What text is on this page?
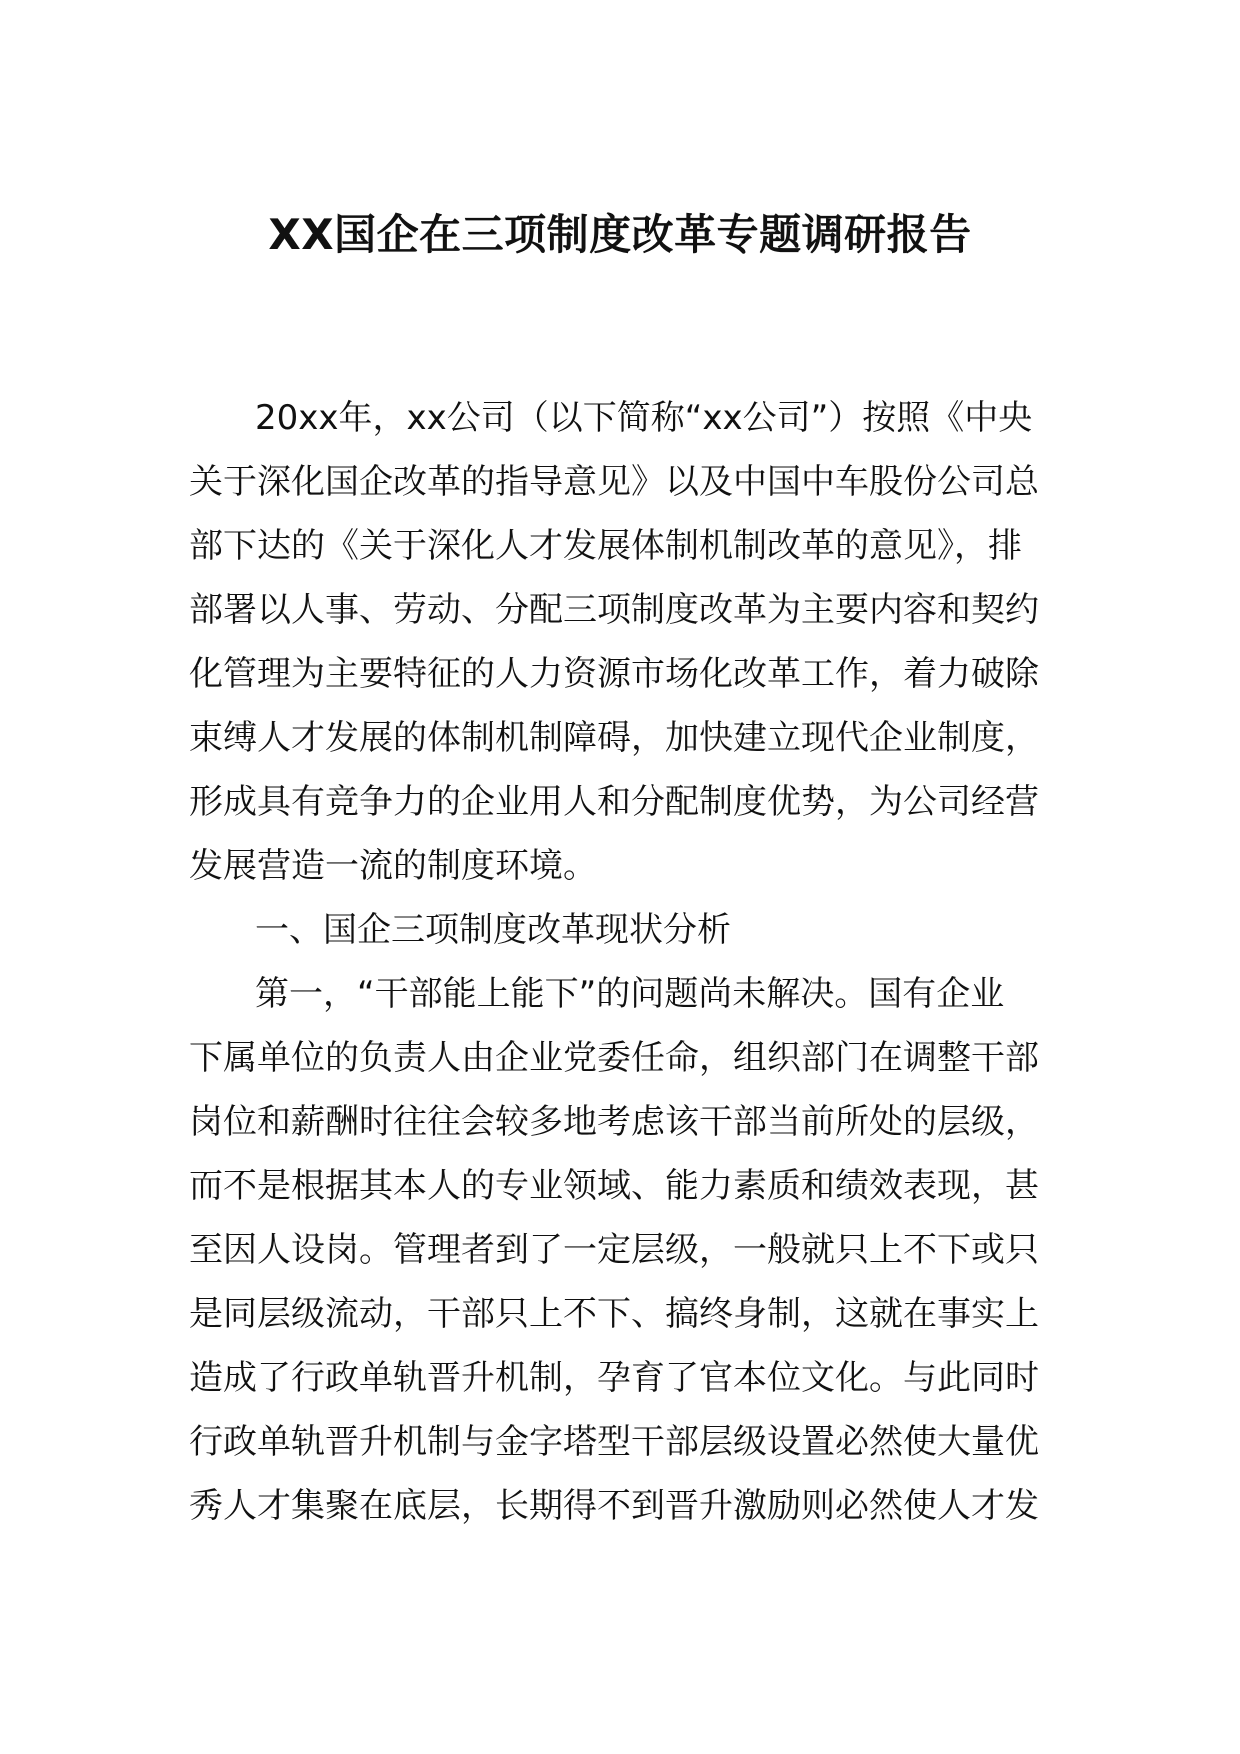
XX国企在三项制度改革专题调研报告
20xx年，xx公司（以下简称“xx公司”）按照《中央
关于深化国企改革的指导意见》以及中国中车股份公司总
部下达的《关于深化人才发展体制机制改革的意见》，排
部署以人事、劳动、分配三项制度改革为主要内容和契约
化管理为主要特征的人力资源市场化改革工作，着力破除
束缚人才发展的体制机制障碍，加快建立现代企业制度，
形成具有竞争力的企业用人和分配制度优势，为公司经营
发展营造一流的制度环境。
一、国企三项制度改革现状分析
第一，“干部能上能下”的问题尚未解决。国有企业
下属单位的负责人由企业党委任命，组织部门在调整干部
岗位和薪酬时往往会较多地考虑该干部当前所处的层级，
而不是根据其本人的专业领域、能力素质和绩效表现，甚
至因人设岗。管理者到了一定层级，一般就只上不下或只
是同层级流动，干部只上不下、搞终身制，这就在事实上
造成了行政单轨晋升机制，孕育了官本位文化。与此同时
行政单轨晋升机制与金字塔型干部层级设置必然使大量优
秀人才集聚在底层，长期得不到晋升激励则必然使人才发
